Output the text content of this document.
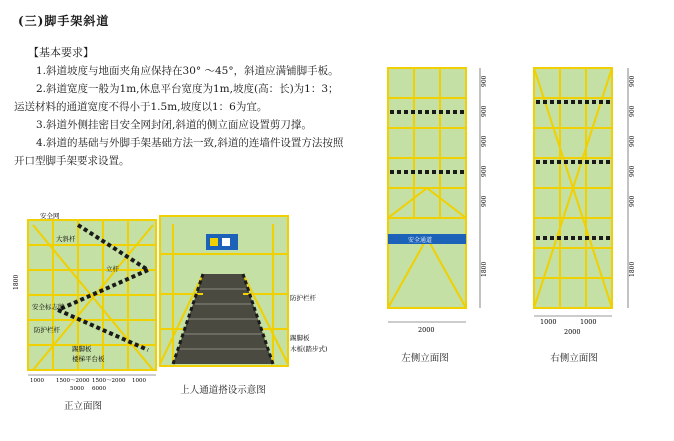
(三)脚手架斜道
【基本要求】
1.斜道坡度与地面夹角应保持在30° ～45°，斜道应满铺脚手板。
2.斜道宽度一般为1m,休息平台宽度为1m,坡度(高：长)为1：3；运送材料的通道宽度不得小于1.5m,坡度以1：6为宜。
3.斜道外侧挂密目安全网封闭,斜道的侧立面应设置剪刀撑。
4.斜道的基础与外脚手架基础方法一致,斜道的连墙件设置方法按照开口型脚手架要求设置。
安全网
大斜杆
立杆
安全标志牌
防护栏杆
踢脚板
楼梯平台板
1800
1000 1500～2000 1500～2000 1000
5000 6000
正立面图
防护栏杆
踢脚板
木板(踏步式)
上人通道搭设示意图
安全通道
900
900
900
900
900
1800
2000
左侧立面图
900
900
900
900
900
1800
1000	1000
2000
右侧立面图
